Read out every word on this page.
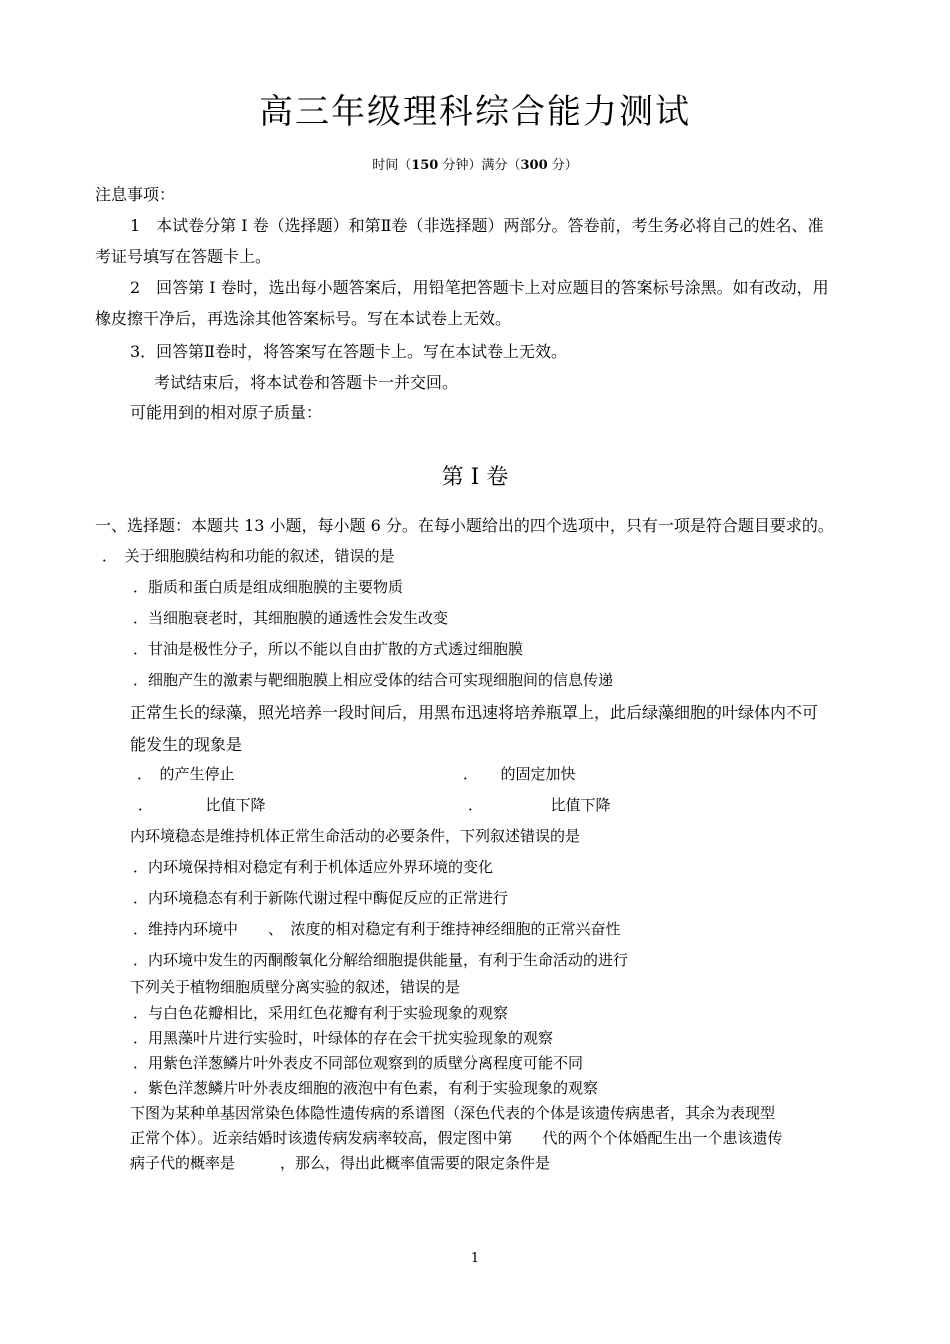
高三年级理科综合能力测试
时间（150 分钟）满分（300 分）
注息事项：
1　本试卷分第 I 卷（选择题）和第Ⅱ卷（非选择题）两部分。答卷前，考生务必将自己的姓名、准
考证号填写在答题卡上。
2　回答第 I 卷时，选出每小题答案后，用铅笔把答题卡上对应题目的答案标号涂黑。如有改动，用
橡皮擦干净后，再选涂其他答案标号。写在本试卷上无效。
3．回答第Ⅱ卷时，将答案写在答题卡上。写在本试卷上无效。
考试结束后，将本试卷和答题卡一并交回。
可能用到的相对原子质量：
第 I 卷
一、选择题：本题共 13 小题，每小题 6 分。在每小题给出的四个选项中，只有一项是符合题目要求的。
．　关于细胞膜结构和功能的叙述，错误的是
．脂质和蛋白质是组成细胞膜的主要物质
．当细胞衰老时，其细胞膜的通透性会发生改变
．甘油是极性分子，所以不能以自由扩散的方式透过细胞膜
．细胞产生的激素与靶细胞膜上相应受体的结合可实现细胞间的信息传递
正常生长的绿藻，照光培养一段时间后，用黑布迅速将培养瓶罩上，此后绿藻细胞的叶绿体内不可
能发生的现象是
．　的产生停止	．　　的固定加快
．　　　　比值下降	．　　　　　比值下降
内环境稳态是维持机体正常生命活动的必要条件，下列叙述错误的是
．内环境保持相对稳定有利于机体适应外界环境的变化
．内环境稳态有利于新陈代谢过程中酶促反应的正常进行
．维持内环境中　　、　浓度的相对稳定有利于维持神经细胞的正常兴奋性
．内环境中发生的丙酮酸氧化分解给细胞提供能量，有利于生命活动的进行
下列关于植物细胞质壁分离实验的叙述，错误的是
．与白色花瓣相比，采用红色花瓣有利于实验现象的观察
．用黑藻叶片进行实验时，叶绿体的存在会干扰实验现象的观察
．用紫色洋葱鳞片叶外表皮不同部位观察到的质壁分离程度可能不同
．紫色洋葱鳞片叶外表皮细胞的液泡中有色素，有利于实验现象的观察
下图为某种单基因常染色体隐性遗传病的系谱图（深色代表的个体是该遗传病患者，其余为表现型
正常个体）。近亲结婚时该遗传病发病率较高，假定图中第　　代的两个个体婚配生出一个患该遗传
病子代的概率是　　　，那么，得出此概率值需要的限定条件是
1
